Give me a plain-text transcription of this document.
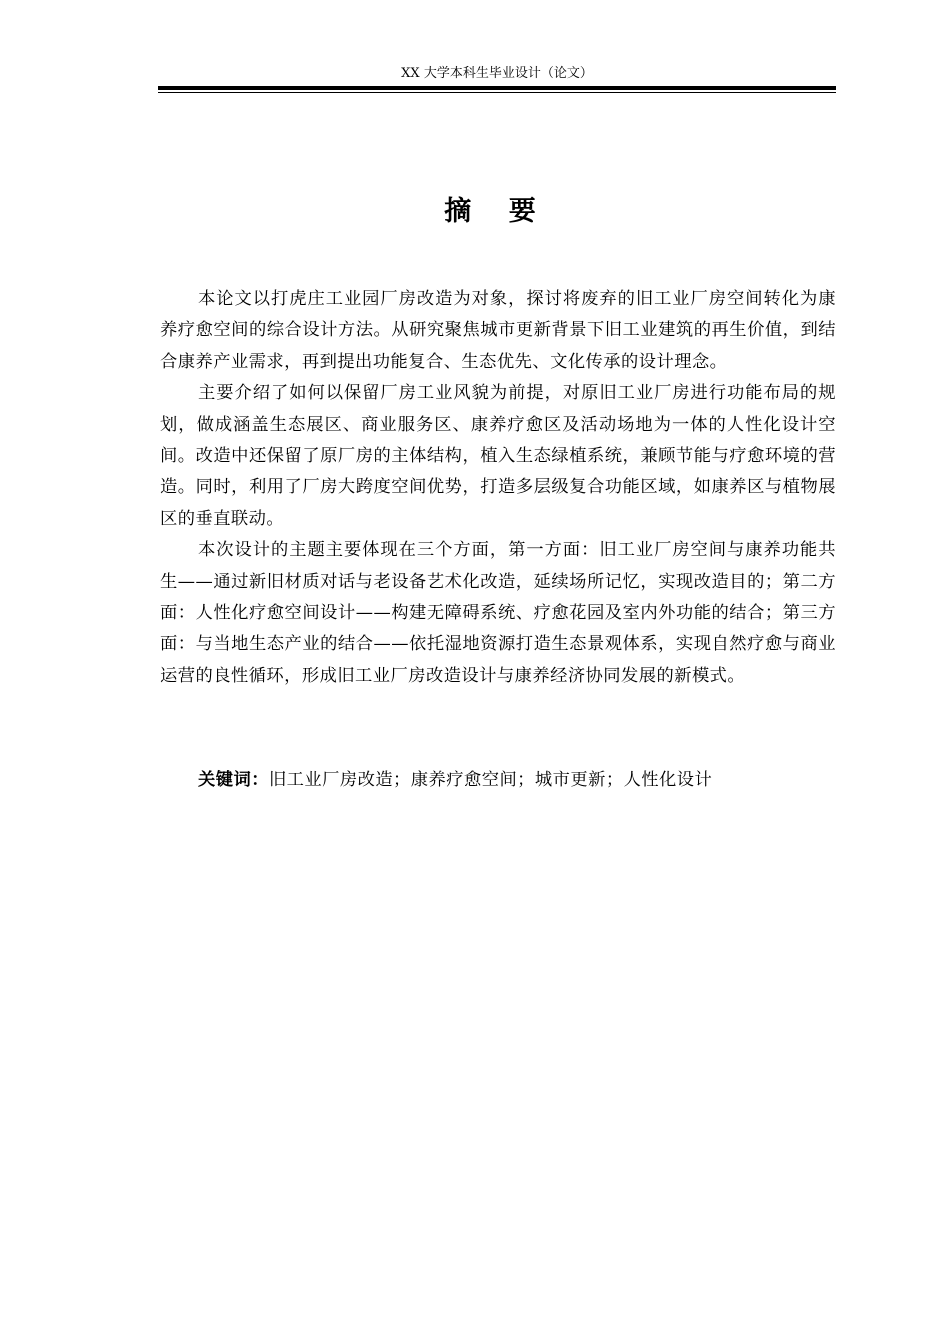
XX 大学本科生毕业设计（论文）
摘 要

本论文以打虎庄工业园厂房改造为对象，探讨将废弃的旧工业厂房空间转化为康养疗愈空间的综合设计方法。从研究聚焦城市更新背景下旧工业建筑的再生价值，到结合康养产业需求，再到提出功能复合、生态优先、文化传承的设计理念。

主要介绍了如何以保留厂房工业风貌为前提，对原旧工业厂房进行功能布局的规划，做成涵盖生态展区、商业服务区、康养疗愈区及活动场地为一体的人性化设计空间。改造中还保留了原厂房的主体结构，植入生态绿植系统，兼顾节能与疗愈环境的营造。同时，利用了厂房大跨度空间优势，打造多层级复合功能区域，如康养区与植物展区的垂直联动。

本次设计的主题主要体现在三个方面，第一方面：旧工业厂房空间与康养功能共生——通过新旧材质对话与老设备艺术化改造，延续场所记忆，实现改造目的；第二方面：人性化疗愈空间设计——构建无障碍系统、疗愈花园及室内外功能的结合；第三方面：与当地生态产业的结合——依托湿地资源打造生态景观体系，实现自然疗愈与商业运营的良性循环，形成旧工业厂房改造设计与康养经济协同发展的新模式。

关键词：旧工业厂房改造；康养疗愈空间；城市更新；人性化设计
